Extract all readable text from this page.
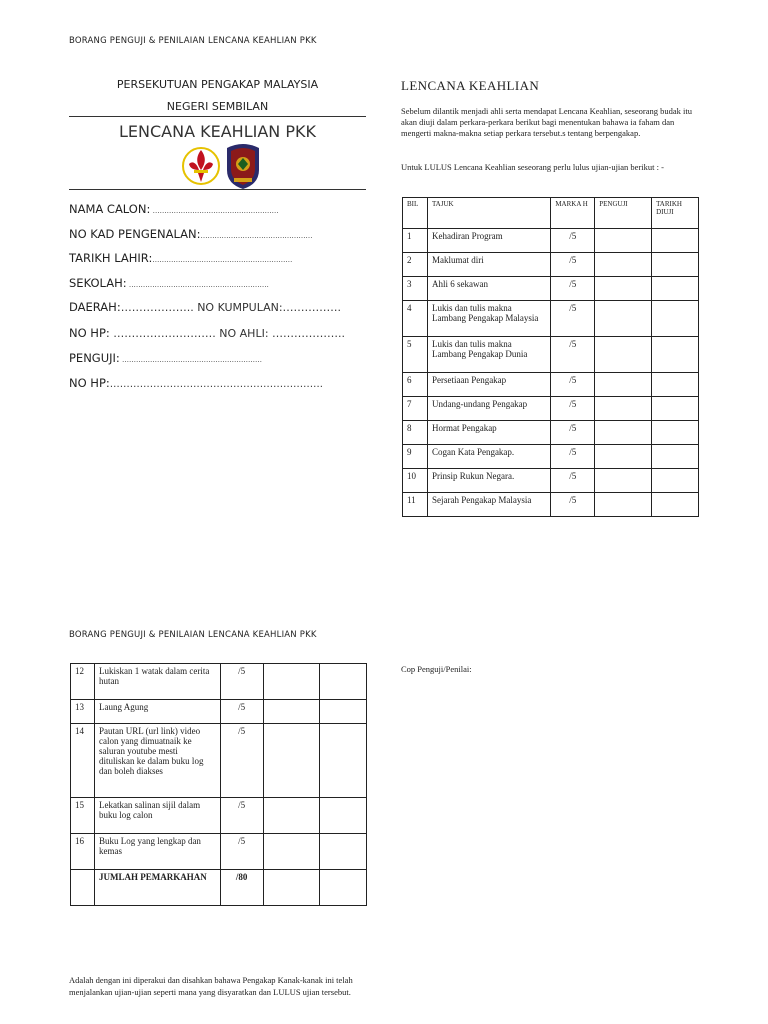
BORANG PENGUJI & PENILAIAN LENCANA KEAHLIAN PKK
PERSEKUTUAN PENGAKAP MALAYSIA
NEGERI SEMBILAN
LENCANA KEAHLIAN PKK
NAMA CALON: ………………………………………………
NO KAD PENGENALAN:…………………………………………
TARIKH LAHIR:……………………………………………………
SEKOLAH: ……………………………………………………
DAERAH:……………….. NO KUMPULAN:…………….
NO HP: ………………………. NO AHLI: ………………..
PENGUJI: ……………………………………………………
NO HP:……………………………………………………….
LENCANA KEAHLIAN
Sebelum dilantik menjadi ahli serta mendapat Lencana Keahlian, seseorang budak itu akan diuji dalam perkara-perkara berikut bagi menentukan bahawa ia faham dan mengerti makna-makna setiap perkara tersebut.s tentang berpengakap.
Untuk LULUS Lencana Keahlian seseorang perlu lulus ujian-ujian berikut : -
BIL	TAJUK	MARKA H	PENGUJI	TARIKH DIUJI
1	Kehadiran Program	/5		
2	Maklumat diri	/5		
3	Ahli 6 sekawan	/5		
4	Lukis dan tulis makna Lambang Pengakap Malaysia	/5		
5	Lukis dan tulis makna Lambang Pengakap Dunia	/5		
6	Persetiaan Pengakap	/5		
7	Undang-undang Pengakap	/5		
8	Hormat Pengakap	/5		
9	Cogan Kata Pengakap.	/5		
10	Prinsip Rukun Negara.	/5		
11	Sejarah Pengakap Malaysia	/5		
BORANG PENGUJI & PENILAIAN LENCANA KEAHLIAN PKK
12	Lukiskan 1 watak dalam cerita hutan	/5		
13	Laung Agung	/5		
14	Pautan URL (url link) video calon yang dimuatnaik ke saluran youtube mesti dituliskan ke dalam buku log dan boleh diakses	/5		
15	Lekatkan salinan sijil dalam buku log calon	/5		
16	Buku Log yang lengkap dan kemas	/5		
	JUMLAH PEMARKAHAN	/80		
Cop Penguji/Penilai:
Adalah dengan ini diperakui dan disahkan bahawa Pengakap Kanak-kanak ini telah menjalankan ujian-ujian seperti mana yang disyaratkan dan LULUS ujian tersebut.
